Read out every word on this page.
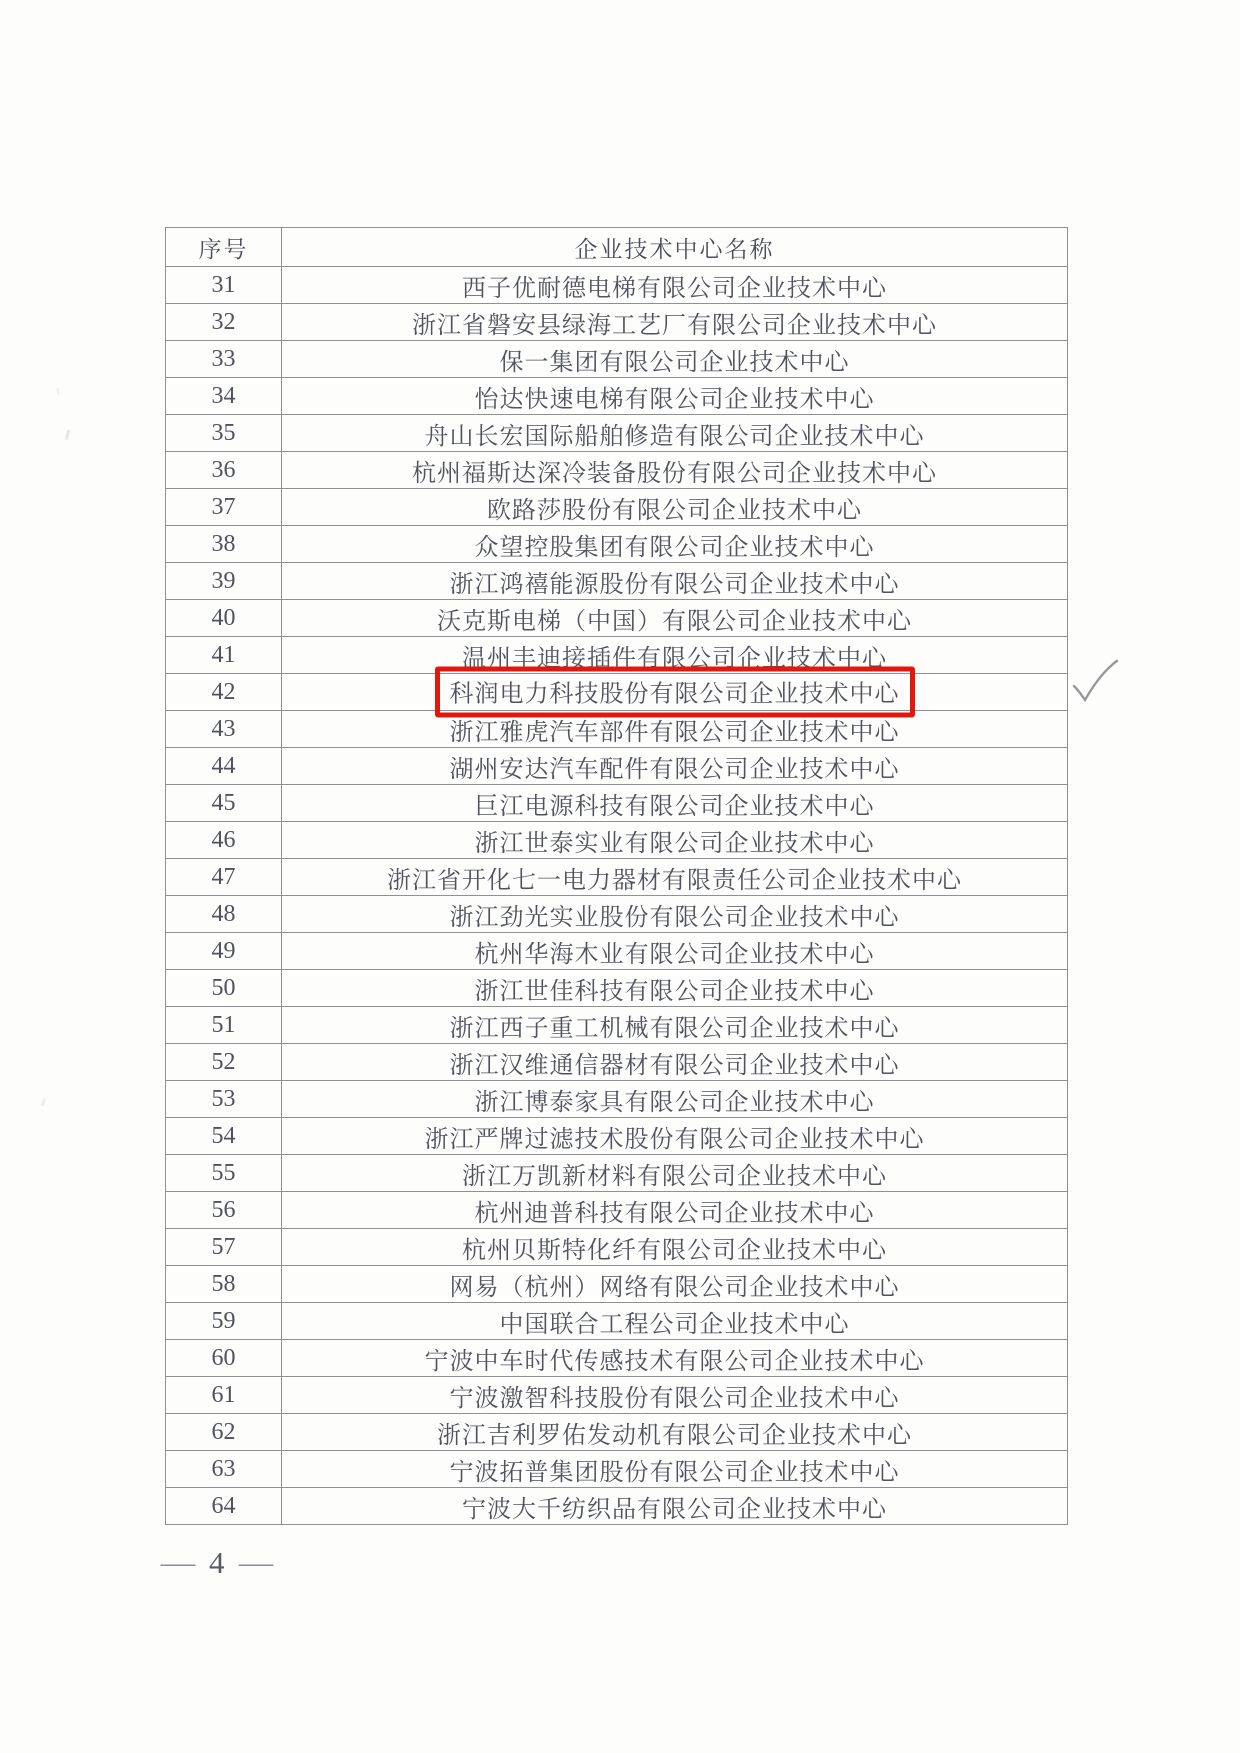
序号	企业技术中心名称
31	西子优耐德电梯有限公司企业技术中心
32	浙江省磐安县绿海工艺厂有限公司企业技术中心
33	保一集团有限公司企业技术中心
34	怡达快速电梯有限公司企业技术中心
35	舟山长宏国际船舶修造有限公司企业技术中心
36	杭州福斯达深冷装备股份有限公司企业技术中心
37	欧路莎股份有限公司企业技术中心
38	众望控股集团有限公司企业技术中心
39	浙江鸿禧能源股份有限公司企业技术中心
40	沃克斯电梯（中国）有限公司企业技术中心
41	温州丰迪接插件有限公司企业技术中心
42	科润电力科技股份有限公司企业技术中心

43	浙江雅虎汽车部件有限公司企业技术中心
44	湖州安达汽车配件有限公司企业技术中心
45	巨江电源科技有限公司企业技术中心
46	浙江世泰实业有限公司企业技术中心
47	浙江省开化七一电力器材有限责任公司企业技术中心
48	浙江劲光实业股份有限公司企业技术中心
49	杭州华海木业有限公司企业技术中心
50	浙江世佳科技有限公司企业技术中心
51	浙江西子重工机械有限公司企业技术中心
52	浙江汉维通信器材有限公司企业技术中心
53	浙江博泰家具有限公司企业技术中心
54	浙江严牌过滤技术股份有限公司企业技术中心
55	浙江万凯新材料有限公司企业技术中心
56	杭州迪普科技有限公司企业技术中心
57	杭州贝斯特化纤有限公司企业技术中心
58	网易（杭州）网络有限公司企业技术中心
59	中国联合工程公司企业技术中心
60	宁波中车时代传感技术有限公司企业技术中心
61	宁波激智科技股份有限公司企业技术中心
62	浙江吉利罗佑发动机有限公司企业技术中心
63	宁波拓普集团股份有限公司企业技术中心
64	宁波大千纺织品有限公司企业技术中心
— 4 —
